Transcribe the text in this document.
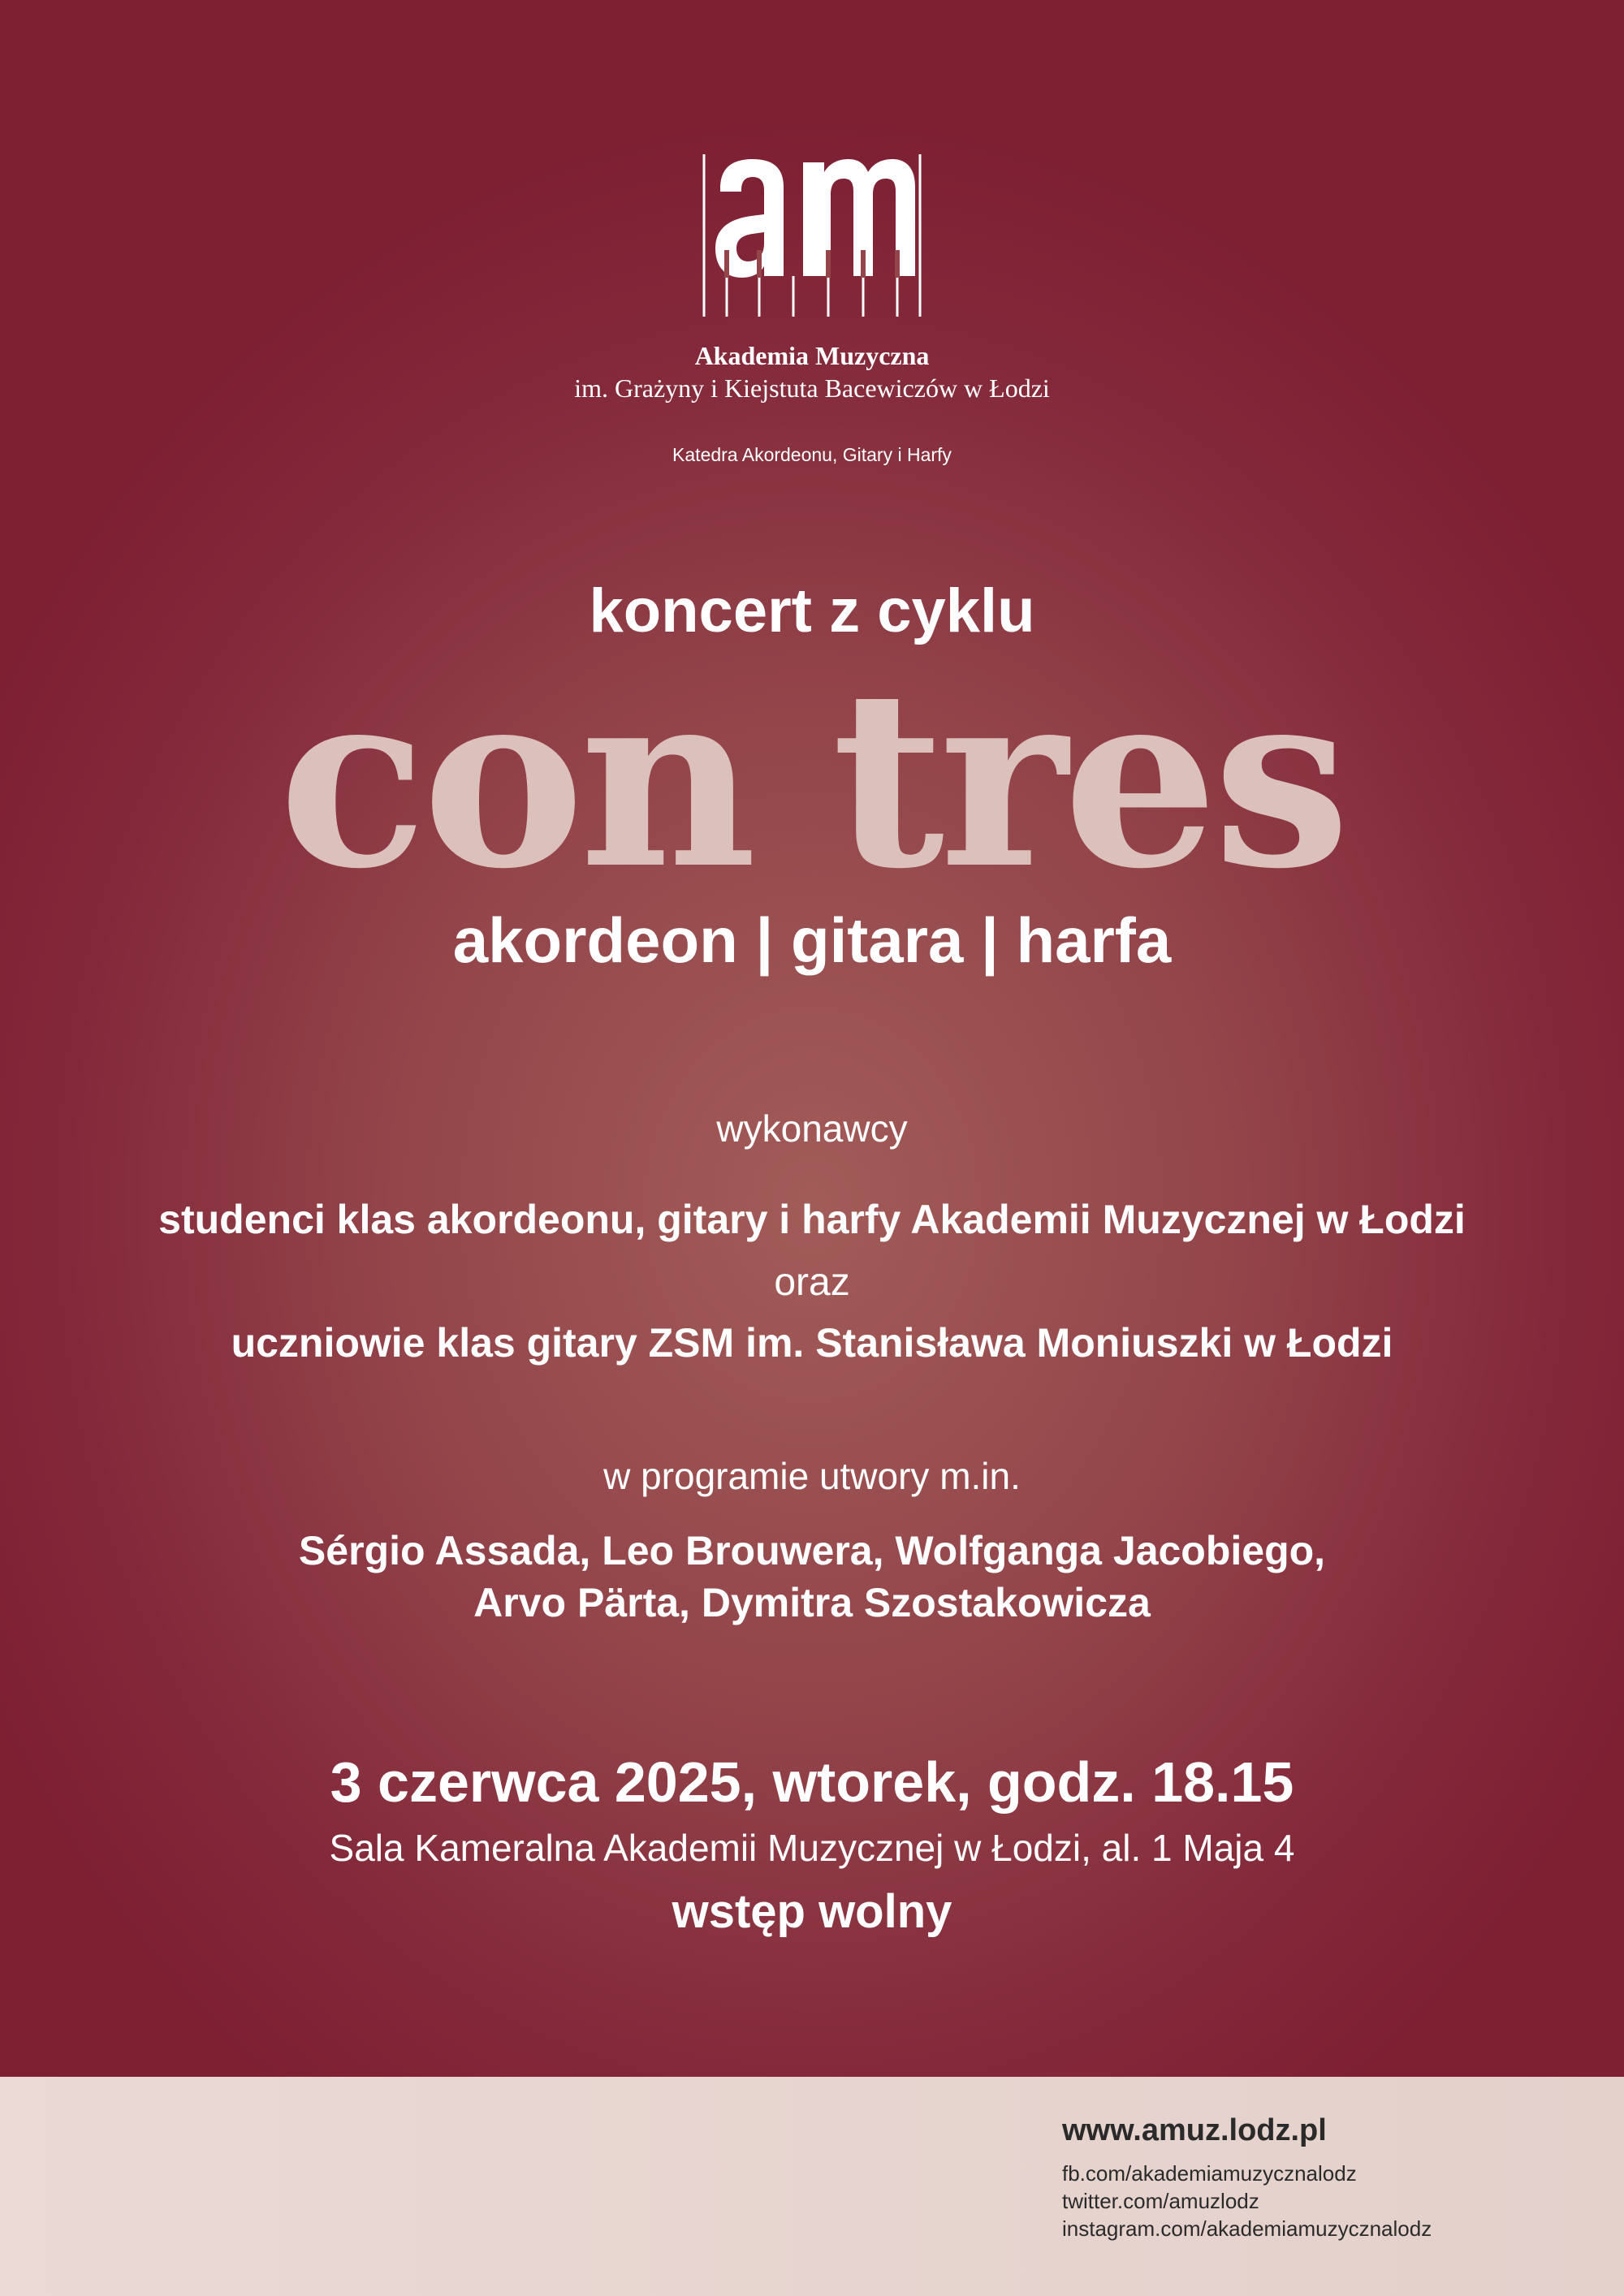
Akademia Muzyczna
im. Grażyny i Kiejstuta Bacewiczów w Łodzi
Katedra Akordeonu, Gitary i Harfy
koncert z cyklu
con tres
akordeon | gitara | harfa
wykonawcy
studenci klas akordeonu, gitary i harfy Akademii Muzycznej w Łodzi
oraz
uczniowie klas gitary ZSM im. Stanisława Moniuszki w Łodzi
w programie utwory m.in.
Sérgio Assada, Leo Brouwera, Wolfganga Jacobiego,
Arvo Pärta, Dymitra Szostakowicza
3 czerwca 2025, wtorek, godz. 18.15
Sala Kameralna Akademii Muzycznej w Łodzi, al. 1 Maja 4
wstęp wolny
www.amuz.lodz.pl
fb.com/akademiamuzycznalodz
twitter.com/amuzlodz
instagram.com/akademiamuzycznalodz
